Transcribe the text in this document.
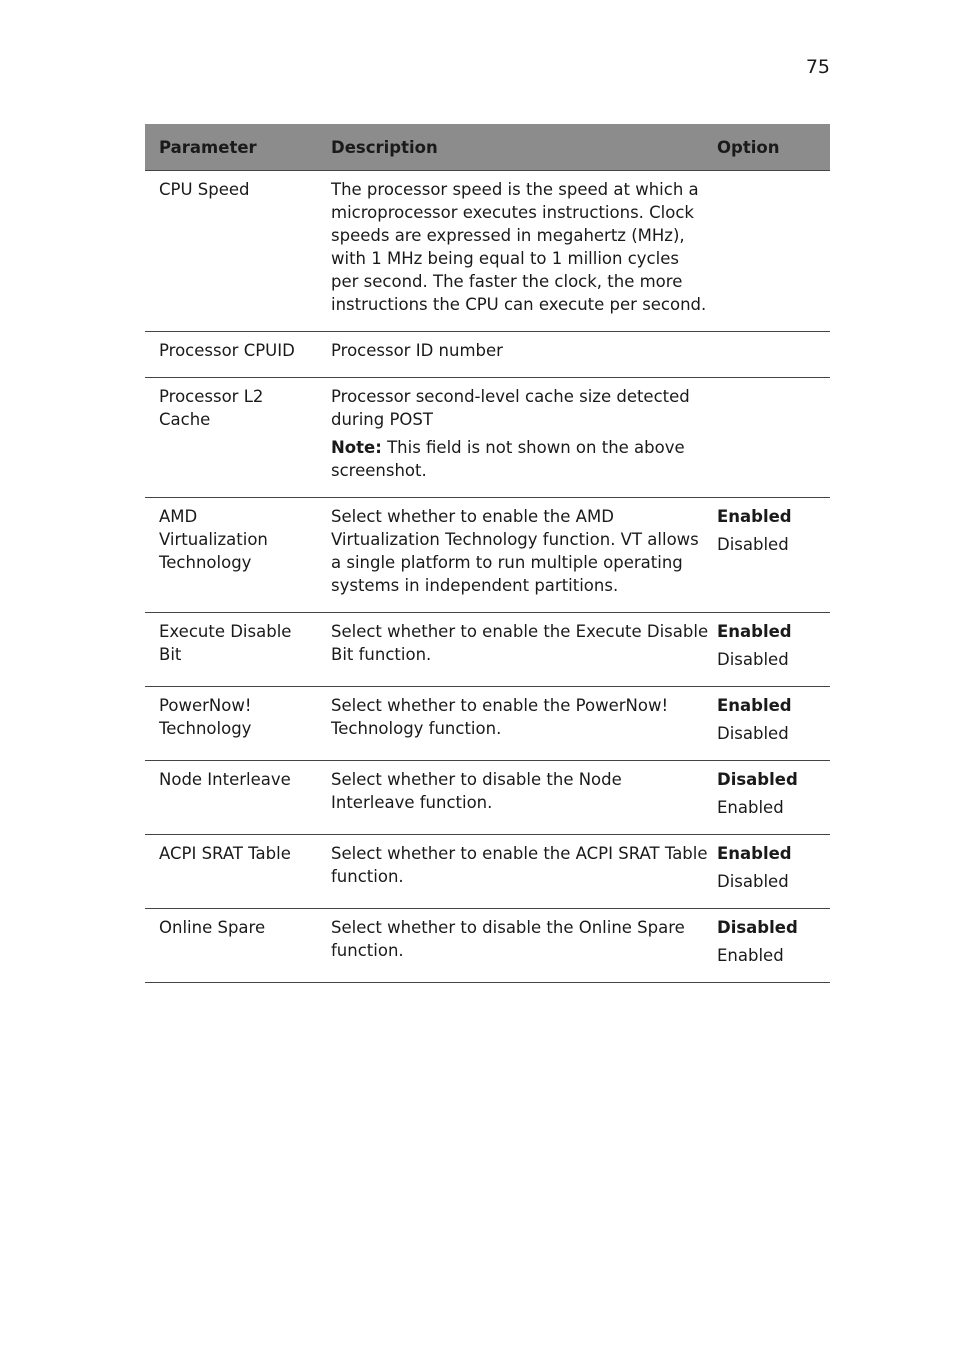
75
Parameter	Description	Option
CPU Speed	The processor speed is the speed at which a microprocessor executes instructions. Clock speeds are expressed in megahertz (MHz), with 1 MHz being equal to 1 million cycles per second. The faster the clock, the more instructions the CPU can execute per second.	
Processor CPUID	Processor ID number	
Processor L2 Cache	Processor second-level cache size detected during POST
Note: This field is not shown on the above screenshot.	

AMD Virtualization Technology	Select whether to enable the AMD Virtualization Technology function. VT allows a single platform to run multiple operating systems in independent partitions.	Enabled
Disabled

Execute Disable Bit	Select whether to enable the Execute Disable Bit function.	Enabled
Disabled

PowerNow! Technology	Select whether to enable the PowerNow! Technology function.	Enabled
Disabled

Node Interleave	Select whether to disable the Node Interleave function.	Disabled
Enabled

ACPI SRAT Table	Select whether to enable the ACPI SRAT Table function.	Enabled
Disabled

Online Spare	Select whether to disable the Online Spare function.	Disabled
Enabled
